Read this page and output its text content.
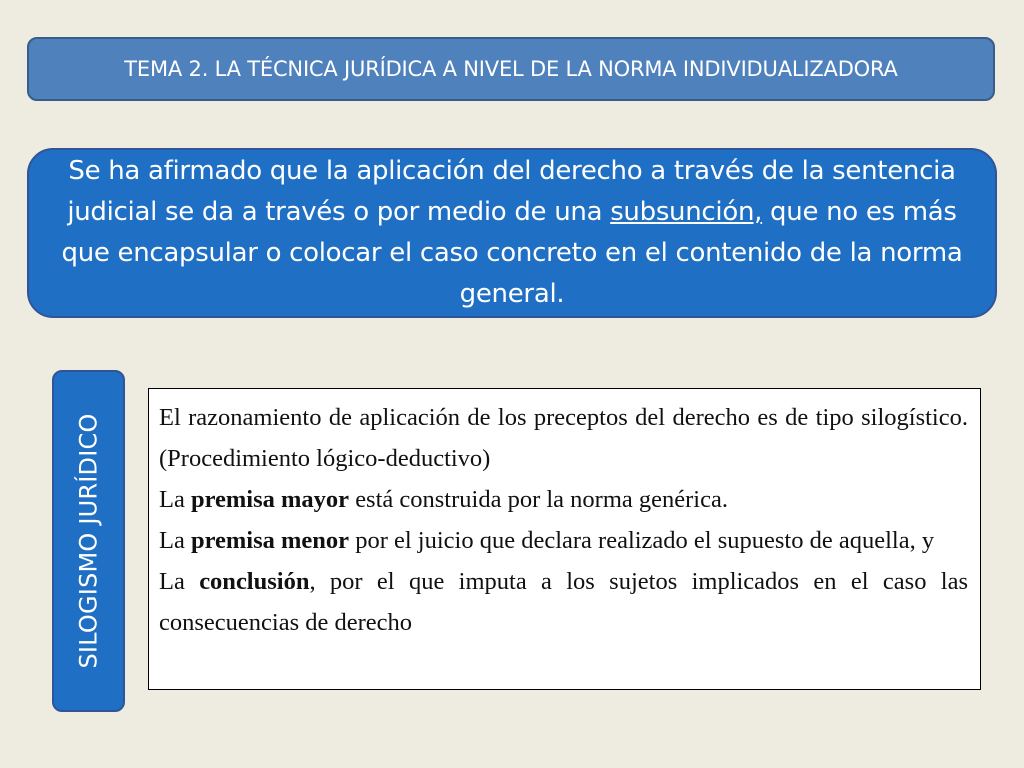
TEMA 2. LA TÉCNICA JURÍDICA A NIVEL DE LA NORMA INDIVIDUALIZADORA
Se ha afirmado que la aplicación del derecho a través de la sentencia judicial se da a través o por medio de una subsunción, que no es más que encapsular o colocar el caso concreto en el contenido de la norma general.
SILOGISMO JURÍDICO El razonamiento de aplicación de los preceptos del derecho es de tipo silogístico.(Procedimiento lógico-deductivo)

La premisa mayor está construida por la norma genérica.

La premisa menor por el juicio que declara realizado el supuesto de aquella, y

La conclusión, por el que imputa a los sujetos implicados en el caso las consecuencias de derecho
